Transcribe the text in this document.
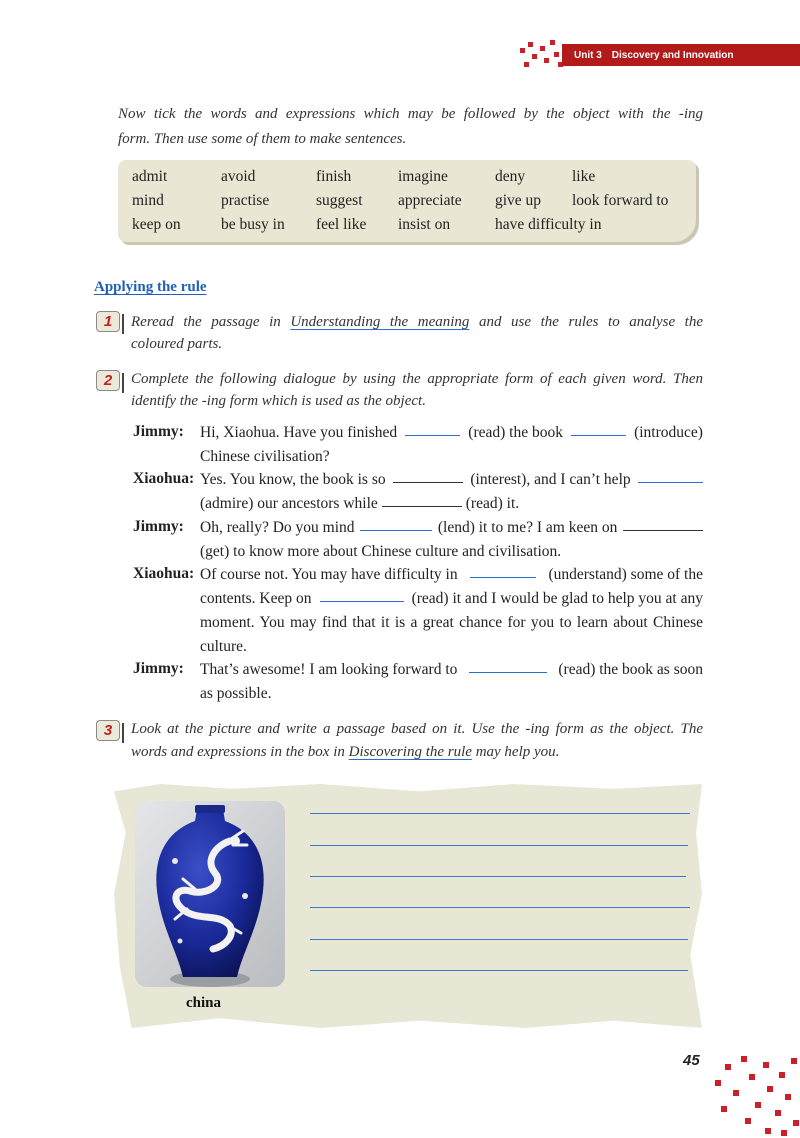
Unit 3 Discovery and Innovation
Now tick the words and expressions which may be followed by the object with the -ing
form. Then use some of them to make sentences.
admit	avoid	finish	imagine	deny	like
mind	practise	suggest	appreciate	give up	look forward to
keep on	be busy in	feel like	insist on	have difficulty in	
Applying the rule
1	Reread the passage in Understanding the meaning and use the rules to analyse the
coloured parts.
2	Complete the following dialogue by using the appropriate form of each given word. Then
identify the -ing form which is used as the object.
Jimmy: Hi, Xiaohua. Have you finished	(read) the book	(introduce)
Chinese civilisation?
Xiaohua: Yes. You know, the book is so	(interest), and I can’t help
(admire) our ancestors while	(read) it.
Jimmy: Oh, really? Do you mind	(lend) it to me? I am keen on
(get) to know more about Chinese culture and civilisation.
Xiaohua: Of course not. You may have difficulty in	(understand) some of the
contents. Keep on	(read) it and I would be glad to help you at any
moment. You may find that it is a great chance for you to learn about Chinese
culture.
Jimmy: That’s awesome! I am looking forward to	(read) the book as soon
as possible.
3	Look at the picture and write a passage based on it. Use the -ing form as the object. The
words and expressions in the box in Discovering the rule may help you.
china
45
